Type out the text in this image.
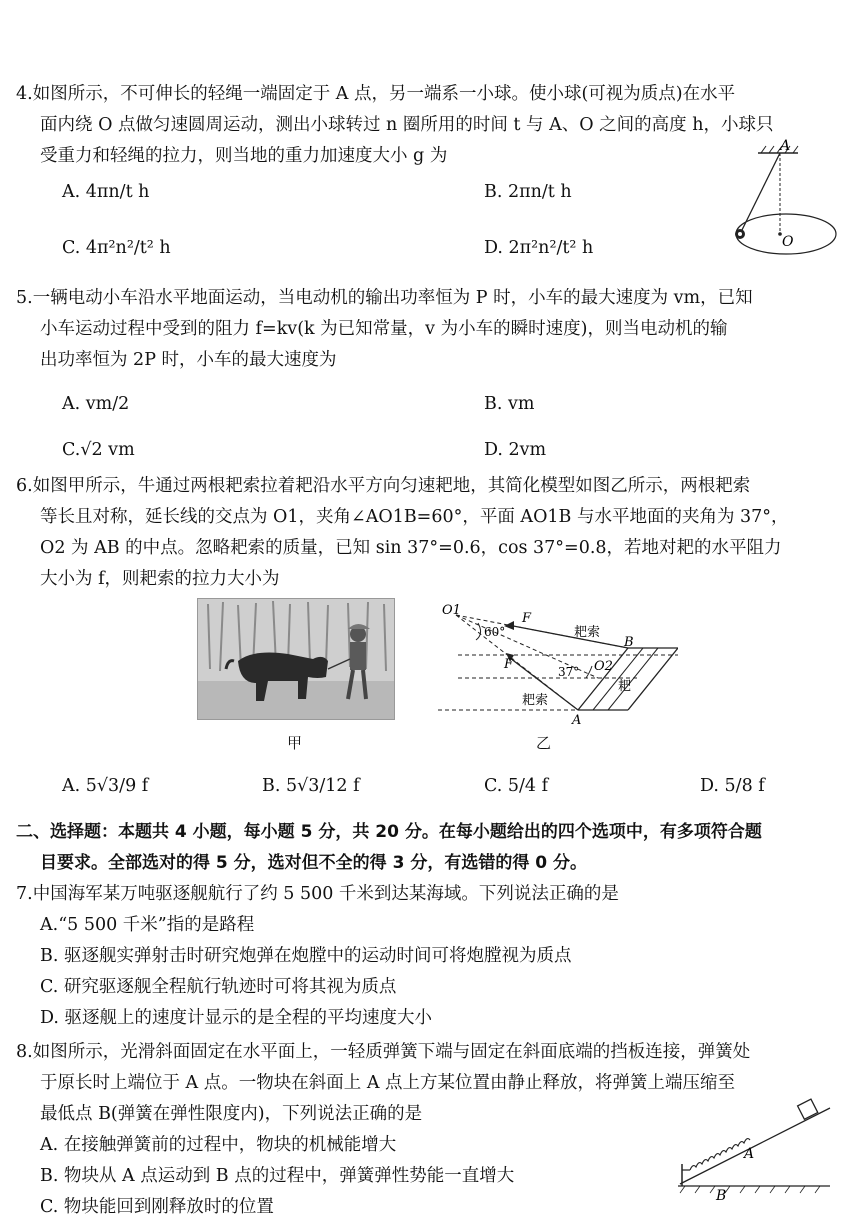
4.如图所示，不可伸长的轻绳一端固定于 A 点，另一端系一小球。使小球(可视为质点)在水平
面内绕 O 点做匀速圆周运动，测出小球转过 n 圈所用的时间 t 与 A、O 之间的高度 h，小球只
受重力和轻绳的拉力，则当地的重力加速度大小 g 为
A. 4πn/t h	B. 2πn/t h
C. 4π²n²/t² h	D. 2π²n²/t² h
A
O
5.一辆电动小车沿水平地面运动，当电动机的输出功率恒为 P 时，小车的最大速度为 vm，已知
小车运动过程中受到的阻力 f=kv(k 为已知常量，v 为小车的瞬时速度)，则当电动机的输
出功率恒为 2P 时，小车的最大速度为
A. vm/2	B. vm
C.√2 vm	D. 2vm
6.如图甲所示，牛通过两根耙索拉着耙沿水平方向匀速耙地，其简化模型如图乙所示，两根耙索
等长且对称，延长线的交点为 O1，夹角∠AO1B=60°，平面 AO1B 与水平地面的夹角为 37°，
O2 为 AB 的中点。忽略耙索的质量，已知 sin 37°=0.6，cos 37°=0.8，若地对耙的水平阻力
大小为 f，则耙索的拉力大小为
甲
O1
F
60°	耙索
B
F	37° O2
耙
耙索
A
乙
A. 5√3/9 f	B. 5√3/12 f	C. 5/4 f	D. 5/8 f
二、选择题：本题共 4 小题，每小题 5 分，共 20 分。在每小题给出的四个选项中，有多项符合题
目要求。全部选对的得 5 分，选对但不全的得 3 分，有选错的得 0 分。
7.中国海军某万吨驱逐舰航行了约 5 500 千米到达某海域。下列说法正确的是
A.“5 500 千米”指的是路程
B. 驱逐舰实弹射击时研究炮弹在炮膛中的运动时间可将炮膛视为质点
C. 研究驱逐舰全程航行轨迹时可将其视为质点
D. 驱逐舰上的速度计显示的是全程的平均速度大小
8.如图所示，光滑斜面固定在水平面上，一轻质弹簧下端与固定在斜面底端的挡板连接，弹簧处
于原长时上端位于 A 点。一物块在斜面上 A 点上方某位置由静止释放，将弹簧上端压缩至
最低点 B(弹簧在弹性限度内)，下列说法正确的是
A. 在接触弹簧前的过程中，物块的机械能增大
B. 物块从 A 点运动到 B 点的过程中，弹簧弹性势能一直增大
C. 物块能回到刚释放时的位置
A
B
